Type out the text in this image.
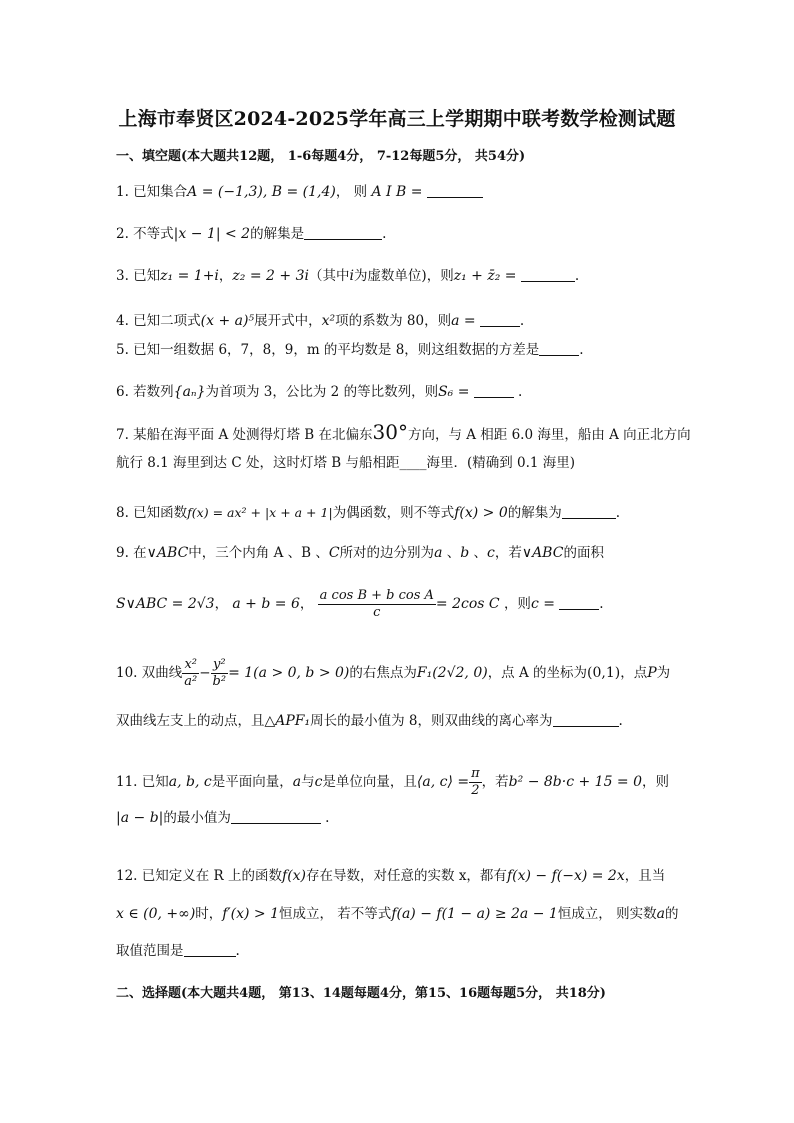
上海市奉贤区2024-2025学年高三上学期期中联考数学检测试题
一、填空题(本大题共12题， 1-6每题4分， 7-12每题5分， 共54分)
1. 已知集合A = (−1,3), B = (1,4)， 则 A I B =
2. 不等式|x − 1| < 2的解集是	.
3. 已知z₁ = 1+i，z₂ = 2 + 3i（其中i为虚数单位)，则z₁ + z̄₂ =	.
4. 已知二项式(x + a)⁵展开式中，x²项的系数为 80，则a =	.
5. 已知一组数据 6，7，8，9，m 的平均数是 8，则这组数据的方差是	.
6. 若数列{aₙ}为首项为 3，公比为 2 的等比数列，则S₆ =	.
7. 某船在海平面 A 处测得灯塔 B 在北偏东30°方向，与 A 相距 6.0 海里，船由 A 向正北方向
航行 8.1 海里到达 C 处，这时灯塔 B 与船相距____海里．(精确到 0.1 海里)
8. 已知函数f(x) = ax² + |x + a + 1|为偶函数，则不等式f(x) > 0的解集为	.
9. 在∨ABC中，三个内角 A 、B 、C所对的边分别为a 、b 、c，若∨ABC的面积
S∨ABC = 2√3， a + b = 6， $\frac{\text{a cos B + b cos A}}{c} = 2\cos$ C ，则c =	.
10. 双曲线 $\frac{\text{x²}}{\text{a²}} - \frac{\text{y²}}{\text{b²}} = 1(a > 0$, b > 0)的右焦点为F₁(2√2, 0)，点 A 的坐标为(0,1)，点P为
双曲线左支上的动点，且△APF₁周长的最小值为 8，则双曲线的离心率为	.
11. 已知a, b, c是平面向量，a与c是单位向量，且⟨a, c⟩ = $\frac{\pi}{2}$ ，若b² − 8b·c + 15 = 0，则
|a − b|的最小值为	.
12. 已知定义在 R 上的函数f(x)存在导数，对任意的实数 x，都有f(x) − f(−x) = 2x，且当
x ∈ (0, +∞)时，f′(x) > 1恒成立， 若不等式f(a) − f(1 − a) ≥ 2a − 1恒成立， 则实数a的
取值范围是	.
二、选择题(本大题共4题， 第13、14题每题4分，第15、16题每题5分， 共18分)
